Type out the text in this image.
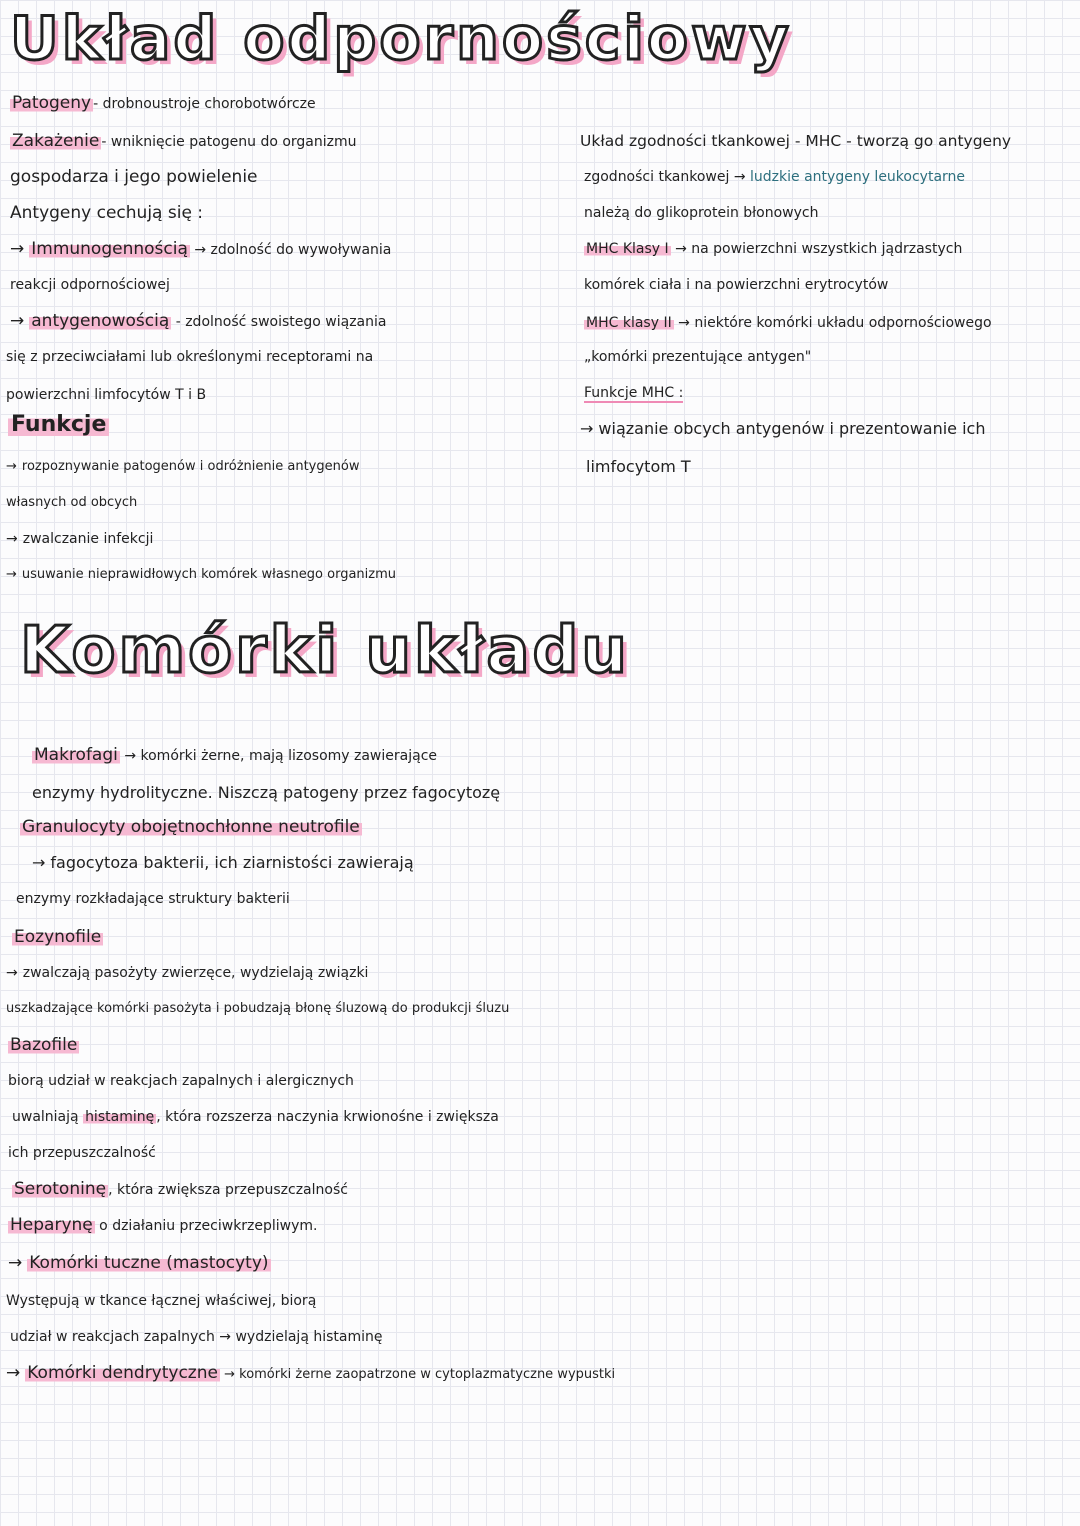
Układ odpornościowy
Patogeny - drobnoustroje chorobotwórcze
Zakażenie - wniknięcie patogenu do organizmu
gospodarza i jego powielenie
Antygeny cechują się :
→ Immunogennością → zdolność do wywoływania
reakcji odpornościowej
→ antygenowością - zdolność swoistego wiązania
się z przeciwciałami lub określonymi receptorami na
powierzchni limfocytów T i B
Funkcje
→ rozpoznywanie patogenów i odróżnienie antygenów
własnych od obcych
→ zwalczanie infekcji
→ usuwanie nieprawidłowych komórek własnego organizmu
Układ zgodności tkankowej - MHC - tworzą go antygeny
zgodności tkankowej → ludzkie antygeny leukocytarne
należą do glikoprotein błonowych
MHC Klasy I → na powierzchni wszystkich jądrzastych
komórek ciała i na powierzchni erytrocytów
MHC klasy II → niektóre komórki układu odpornościowego
„komórki prezentujące antygen"
Funkcje MHC :
→ wiązanie obcych antygenów i prezentowanie ich
limfocytom T
Komórki układu
Makrofagi → komórki żerne, mają lizosomy zawierające
enzymy hydrolityczne. Niszczą patogeny przez fagocytozę
Granulocyty obojętnochłonne neutrofile
→ fagocytoza bakterii, ich ziarnistości zawierają
enzymy rozkładające struktury bakterii
Eozynofile
→ zwalczają pasożyty zwierzęce, wydzielają związki
uszkadzające komórki pasożyta i pobudzają błonę śluzową do produkcji śluzu
Bazofile
biorą udział w reakcjach zapalnych i alergicznych
uwalniają histaminę , która rozszerza naczynia krwionośne i zwiększa
ich przepuszczalność
Serotoninę , która zwiększa przepuszczalność
Heparynę o działaniu przeciwkrzepliwym.
→ Komórki tuczne (mastocyty)
Występują w tkance łącznej właściwej, biorą
udział w reakcjach zapalnych → wydzielają histaminę
→ Komórki dendrytyczne → komórki żerne zaopatrzone w cytoplazmatyczne wypustki
